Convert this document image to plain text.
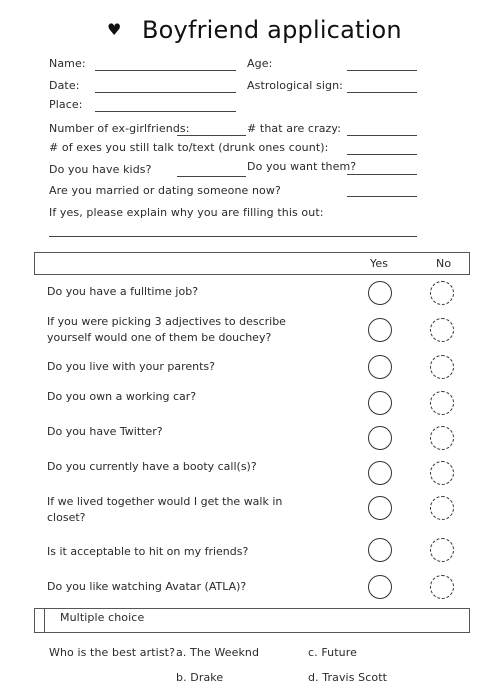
♥ Boyfriend application
Name:	Age:
Date:	Astrological sign:
Place:
Number of ex-girlfriends:	# that are crazy:
# of exes you still talk to/text (drunk ones count):
Do you have kids?	Do you want them?
Are you married or dating someone now?
If yes, please explain why you are filling this out:
Yes	No
Do you have a fulltime job?
If you were picking 3 adjectives to describe yourself would one of them be douchey?
Do you live with your parents?
Do you own a working car?
Do you have Twitter?
Do you currently have a booty call(s)?
If we lived together would I get the walk in closet?
Is it acceptable to hit on my friends?
Do you like watching Avatar (ATLA)?
Multiple choice
Who is the best artist? a. The Weeknd	c. Future
b. Drake	d. Travis Scott
